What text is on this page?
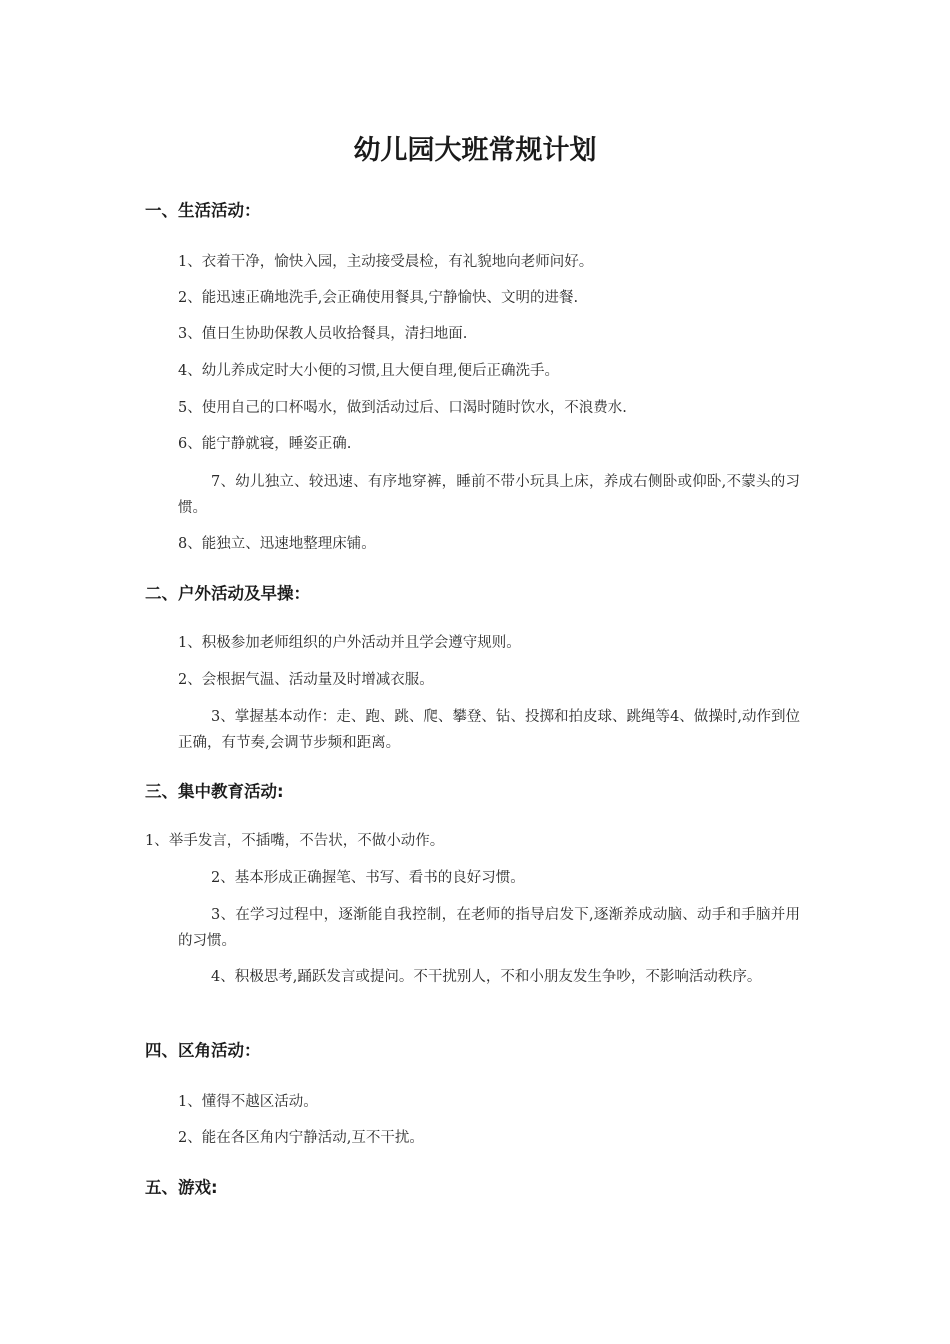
幼儿园大班常规计划
一、生活活动：
1、衣着干净，愉快入园，主动接受晨检，有礼貌地向老师问好。
2、能迅速正确地洗手,会正确使用餐具,宁静愉快、文明的进餐.
3、值日生协助保教人员收拾餐具，清扫地面.
4、幼儿养成定时大小便的习惯,且大便自理,便后正确洗手。
5、使用自己的口杯喝水，做到活动过后、口渴时随时饮水，不浪费水.
6、能宁静就寝，睡姿正确.
7、幼儿独立、较迅速、有序地穿裤，睡前不带小玩具上床，养成右侧卧或仰卧,不蒙头的习惯。
8、能独立、迅速地整理床铺。
二、户外活动及早操：
1、积极参加老师组织的户外活动并且学会遵守规则。
2、会根据气温、活动量及时增减衣服。
3、掌握基本动作：走、跑、跳、爬、攀登、钻、投掷和拍皮球、跳绳等4、做操时,动作到位正确，有节奏,会调节步频和距离。
三、集中教育活动:
1、举手发言，不插嘴，不告状，不做小动作。
2、基本形成正确握笔、书写、看书的良好习惯。
3、在学习过程中，逐渐能自我控制，在老师的指导启发下,逐渐养成动脑、动手和手脑并用的习惯。
4、积极思考,踊跃发言或提问。不干扰别人，不和小朋友发生争吵，不影响活动秩序。
四、区角活动：
1、懂得不越区活动。
2、能在各区角内宁静活动,互不干扰。
五、游戏:
